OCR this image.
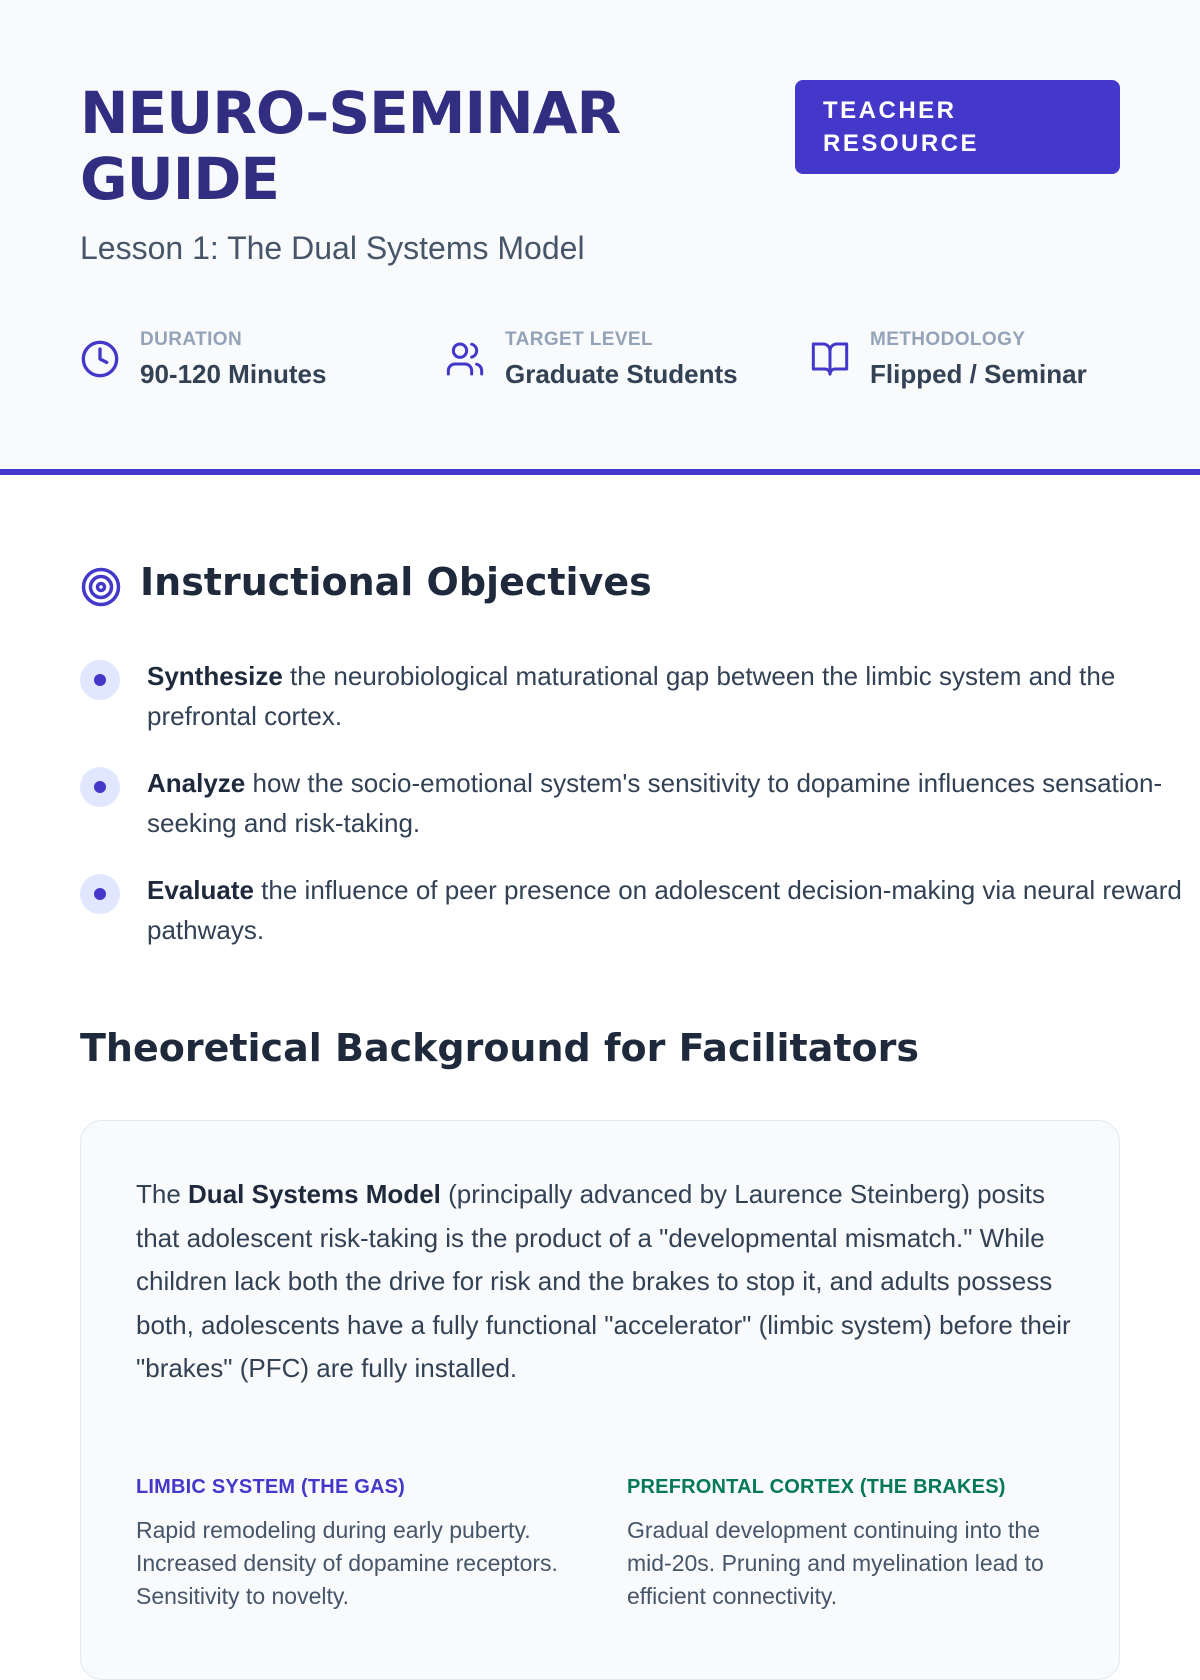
NEURO-SEMINAR GUIDE
TEACHER RESOURCE
Lesson 1: The Dual Systems Model
DURATION
90-120 Minutes
TARGET LEVEL
Graduate Students
METHODOLOGY
Flipped / Seminar
Instructional Objectives

Synthesize the neurobiological maturational gap between the limbic system and the prefrontal cortex.

Analyze how the socio-emotional system's sensitivity to dopamine influences sensation-seeking and risk-taking.

Evaluate the influence of peer presence on adolescent decision-making via neural reward pathways.

Theoretical Background for Facilitators

The Dual Systems Model (principally advanced by Laurence Steinberg) posits that adolescent risk-taking is the product of a "developmental mismatch." While children lack both the drive for risk and the brakes to stop it, and adults possess both, adolescents have a fully functional "accelerator" (limbic system) before their "brakes" (PFC) are fully installed.

LIMBIC SYSTEM (THE GAS)

Rapid remodeling during early puberty. Increased density of dopamine receptors. Sensitivity to novelty.

PREFRONTAL CORTEX (THE BRAKES)

Gradual development continuing into the mid-20s. Pruning and myelination lead to efficient connectivity.
